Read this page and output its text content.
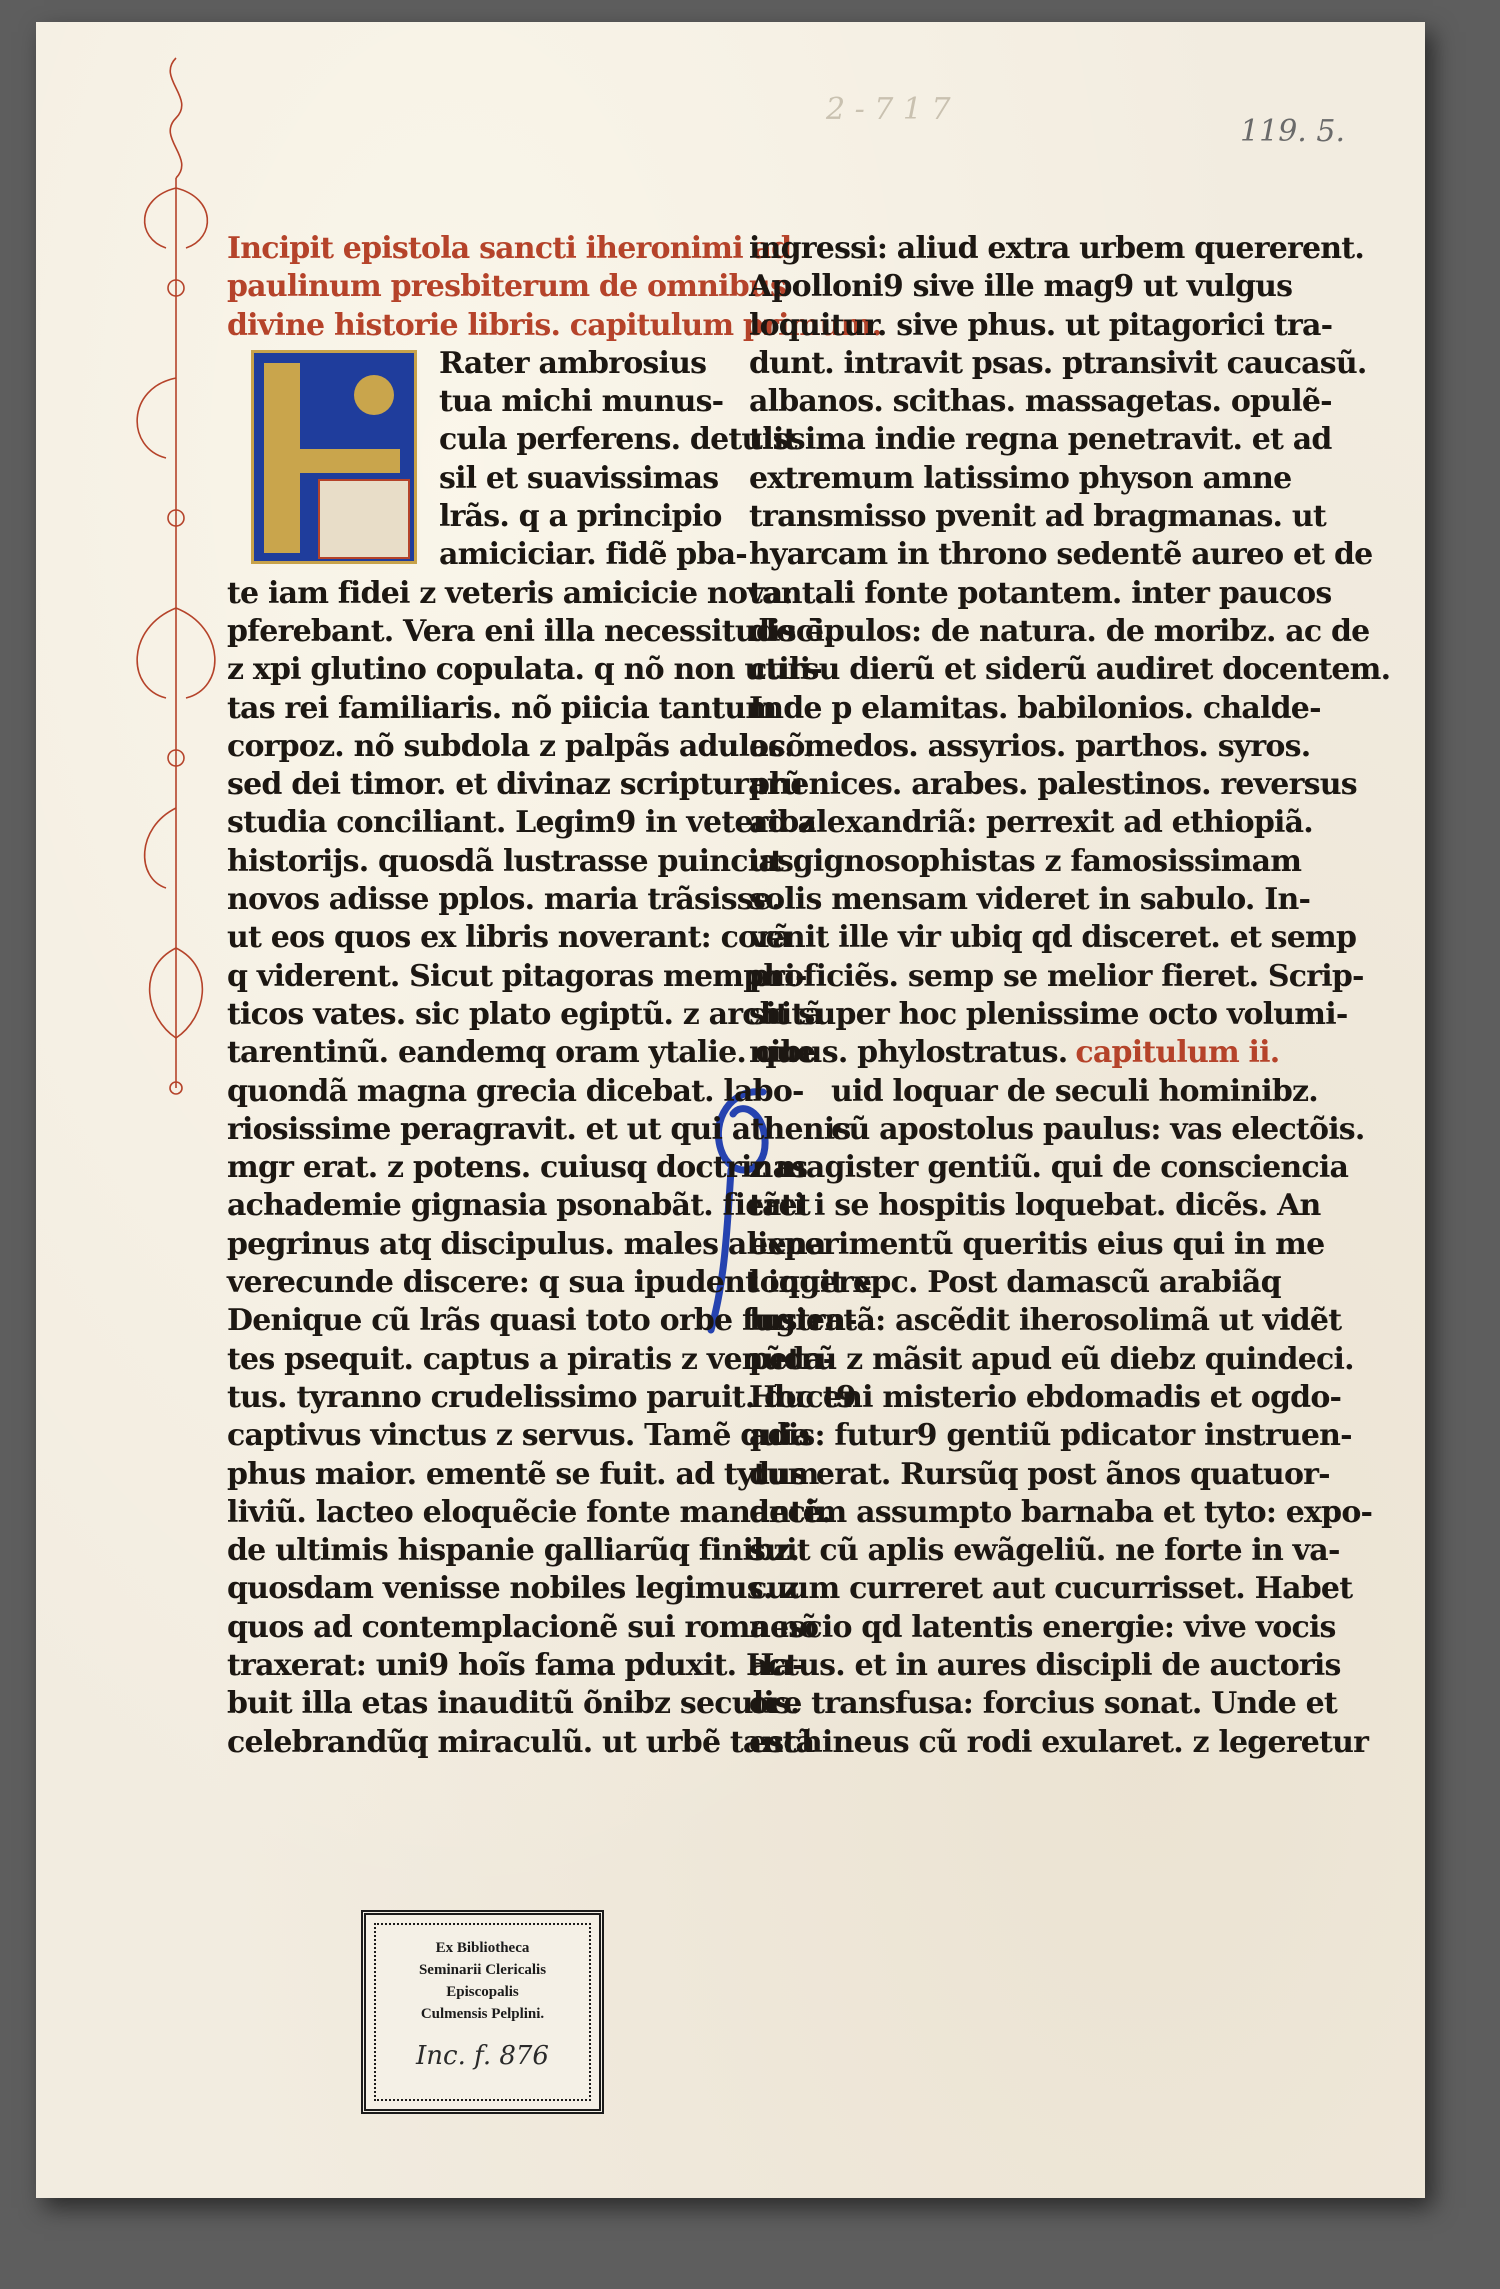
2 - 7 1 7
119. 5.
Incipit epistola sancti iheronimi ad
paulinum presbiterum de omnibus
divine historie libris. capitulum primum.
Rater ambrosius
tua michi munus-
cula perferens. detulit
sil et suavissimas
lrãs. q a principio
amiciciar. fidẽ pba-
te iam fidei z veteris amicicie nova:
pferebant. Vera eni illa necessitudo ē.
z xpi glutino copulata. q nõ non utili-
tas rei familiaris. nõ piicia tantum
corpoz. nõ subdola z palpãs adulacõ.
sed dei timor. et divinaz scripturarũ
studia conciliant. Legim9 in veteribz
historijs. quosdã lustrasse puincias.
novos adisse pplos. maria trãsisse.
ut eos quos ex libris noverant: corã
q viderent. Sicut pitagoras memphi-
ticos vates. sic plato egiptũ. z architã
tarentinũ. eandemq oram ytalie. que
quondã magna grecia dicebat. labo-
riosissime peragravit. et ut qui athenis
mgr erat. z potens. cuiusq doctrinas
achademie gignasia psonabãt. fieret
pegrinus atq discipulus. males aliena
verecunde discere: q sua ipudent ingere.
Denique cũ lrãs quasi toto orbe fugien-
tes psequit. captus a piratis z venũda-
tus. tyranno crudelissimo paruit. duct9
captivus vinctus z servus. Tamẽ quia
phus maior. ementẽ se fuit. ad tytum
liviũ. lacteo eloquẽcie fonte manantẽ.
de ultimis hispanie galliarũq finibz.
quosdam venisse nobiles legimus. z
quos ad contemplacionẽ sui roma nõ
traxerat: uni9 hoĩs fama pduxit. Ha-
buit illa etas inauditũ õnibz seculis.
celebrandũq miraculũ. ut urbẽ tantã
ingressi: aliud extra urbem quererent.
Apolloni9 sive ille mag9 ut vulgus
loquitur. sive phus. ut pitagorici tra-
dunt. intravit psas. ptransivit caucasũ.
albanos. scithas. massagetas. opulẽ-
tissima indie regna penetravit. et ad
extremum latissimo physon amne
transmisso pvenit ad bragmanas. ut
hyarcam in throno sedentẽ aureo et de
tantali fonte potantem. inter paucos
discipulos: de natura. de moribz. ac de
cursu dierũ et siderũ audiret docentem.
Inde p elamitas. babilonios. chalde-
os. medos. assyrios. parthos. syros.
phenices. arabes. palestinos. reversus
ad alexandriã: perrexit ad ethiopiã.
ut gignosophistas z famosissimam
solis mensam videret in sabulo. In-
venit ille vir ubiq qd disceret. et semp
proficiẽs. semp se melior fieret. Scrip-
sit super hoc plenissime octo volumi-
nibus. phylostratus. capitulum ii.
uid loquar de seculi hominibz.
cũ apostolus paulus: vas electõis.
z magister gentiũ. qui de consciencia
tãti i se hospitis loquebat. dicẽs. An
experimentũ queritis eius qui in me
loquit xpc. Post damascũ arabiãq
lustratã: ascẽdit iherosolimã ut vidẽt
petrũ z mãsit apud eũ diebz quindeci.
Hoc eni misterio ebdomadis et ogdo-
adis: futur9 gentiũ pdicator instruen-
dus erat. Rursũq post ãnos quatuor-
decim assumpto barnaba et tyto: expo-
suit cũ aplis ewãgeliũ. ne forte in va-
cuum curreret aut cucurrisset. Habet
nescio qd latentis energie: vive vocis
actus. et in aures discipli de auctoris
ore transfusa: forcius sonat. Unde et
eschineus cũ rodi exularet. z legeretur
Ex Bibliotheca
Seminarii Clericalis
Episcopalis
Culmensis Pelplini.
Inc. f. 876
